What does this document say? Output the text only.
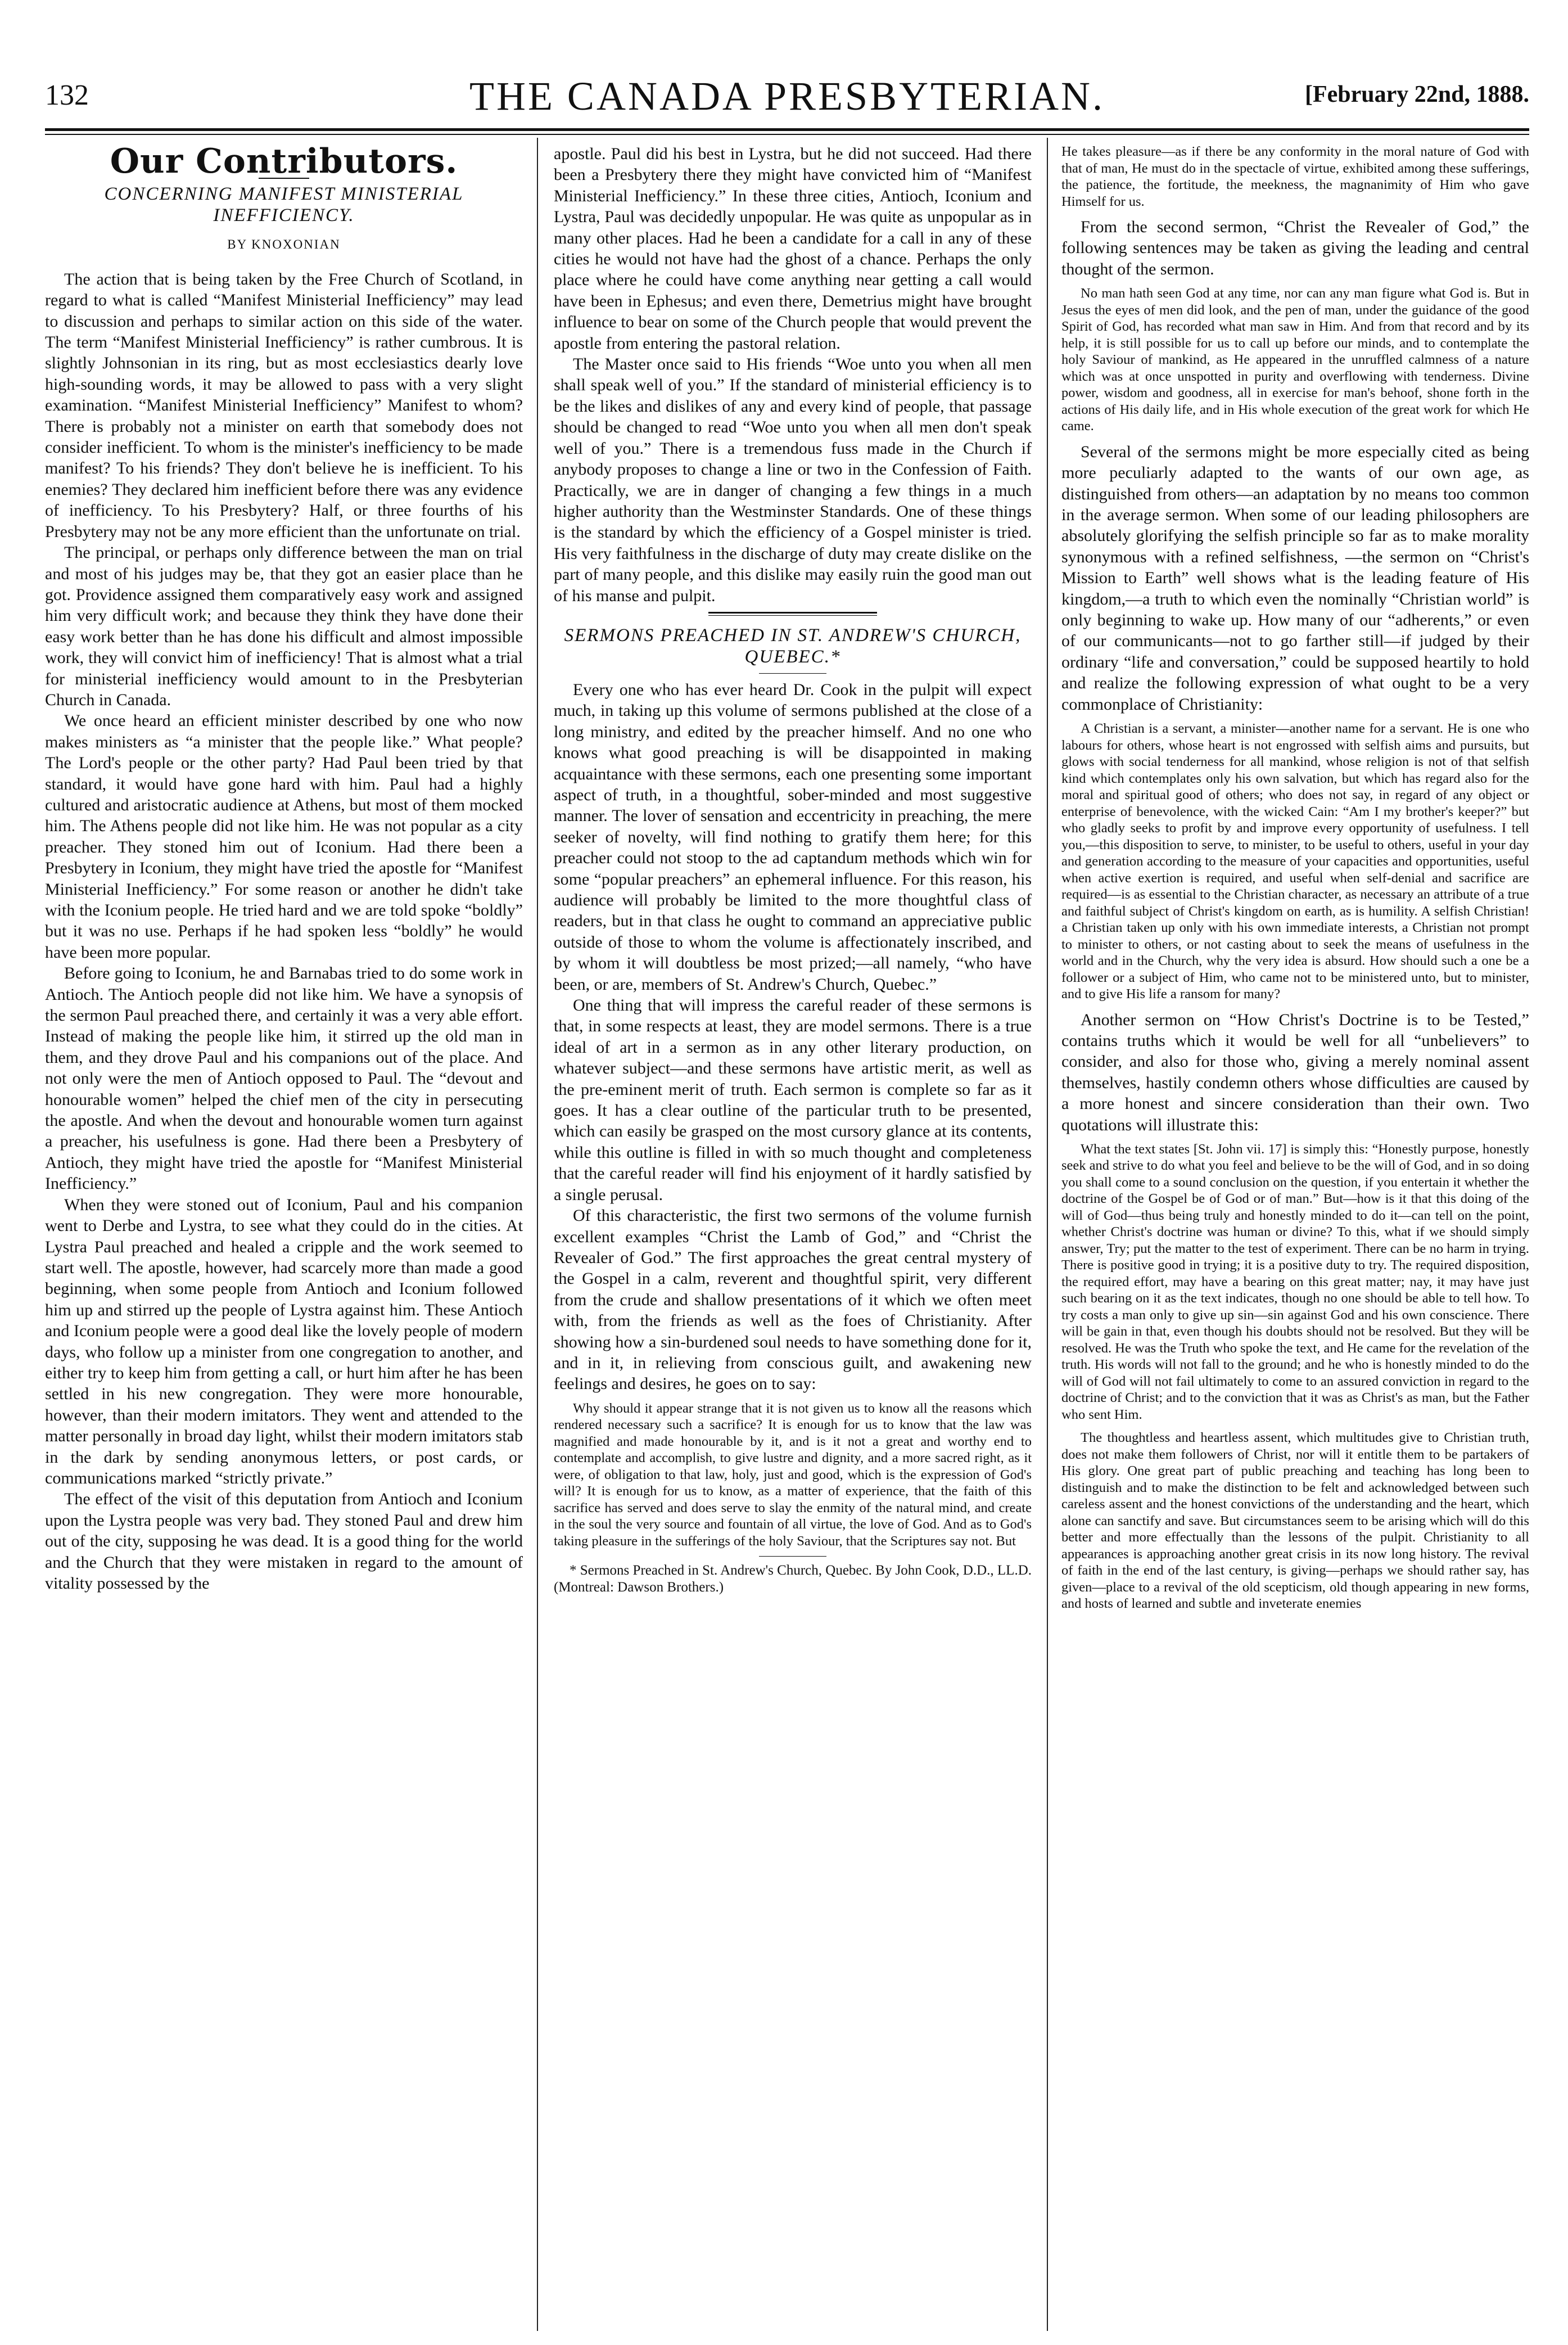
132	THE CANADA PRESBYTERIAN.	[February 22nd, 1888.
Our Contributors.
CONCERNING MANIFEST MINISTERIAL INEFFICIENCY.
BY KNOXONIAN

The action that is being taken by the Free Church of Scotland, in regard to what is called “Manifest Ministerial Inefficiency” may lead to discussion and perhaps to similar action on this side of the water. The term “Manifest Ministerial Inefficiency” is rather cumbrous. It is slightly Johnsonian in its ring, but as most ecclesiastics dearly love high-sounding words, it may be allowed to pass with a very slight examination. “Manifest Ministerial Inefficiency” Manifest to whom? There is probably not a minister on earth that somebody does not consider inefficient. To whom is the minister's inefficiency to be made manifest? To his friends? They don't believe he is inefficient. To his enemies? They declared him inefficient before there was any evidence of inefficiency. To his Presbytery? Half, or three fourths of his Presbytery may not be any more efficient than the unfortunate on trial.

The principal, or perhaps only difference between the man on trial and most of his judges may be, that they got an easier place than he got. Providence assigned them comparatively easy work and assigned him very difficult work; and because they think they have done their easy work better than he has done his difficult and almost impossible work, they will convict him of inefficiency! That is almost what a trial for ministerial inefficiency would amount to in the Presbyterian Church in Canada.

We once heard an efficient minister described by one who now makes ministers as “a minister that the people like.” What people? The Lord's people or the other party? Had Paul been tried by that standard, it would have gone hard with him. Paul had a highly cultured and aristocratic audience at Athens, but most of them mocked him. The Athens people did not like him. He was not popular as a city preacher. They stoned him out of Iconium. Had there been a Presbytery in Iconium, they might have tried the apostle for “Manifest Ministerial Inefficiency.” For some reason or another he didn't take with the Iconium people. He tried hard and we are told spoke “boldly” but it was no use. Perhaps if he had spoken less “boldly” he would have been more popular.

Before going to Iconium, he and Barnabas tried to do some work in Antioch. The Antioch people did not like him. We have a synopsis of the sermon Paul preached there, and certainly it was a very able effort. Instead of making the people like him, it stirred up the old man in them, and they drove Paul and his companions out of the place. And not only were the men of Antioch opposed to Paul. The “devout and honourable women” helped the chief men of the city in persecuting the apostle. And when the devout and honourable women turn against a preacher, his usefulness is gone. Had there been a Presbytery of Antioch, they might have tried the apostle for “Manifest Ministerial Inefficiency.”

When they were stoned out of Iconium, Paul and his companion went to Derbe and Lystra, to see what they could do in the cities. At Lystra Paul preached and healed a cripple and the work seemed to start well. The apostle, however, had scarcely more than made a good beginning, when some people from Antioch and Iconium followed him up and stirred up the people of Lystra against him. These Antioch and Iconium people were a good deal like the lovely people of modern days, who follow up a minister from one congregation to another, and either try to keep him from getting a call, or hurt him after he has been settled in his new congregation. They were more honourable, however, than their modern imitators. They went and attended to the matter personally in broad day light, whilst their modern imitators stab in the dark by sending anonymous letters, or post cards, or communications marked “strictly private.”

The effect of the visit of this deputation from Antioch and Iconium upon the Lystra people was very bad. They stoned Paul and drew him out of the city, supposing he was dead. It is a good thing for the world and the Church that they were mistaken in regard to the amount of vitality possessed by the

apostle. Paul did his best in Lystra, but he did not succeed. Had there been a Presbytery there they might have convicted him of “Manifest Ministerial Inefficiency.” In these three cities, Antioch, Iconium and Lystra, Paul was decidedly unpopular. He was quite as unpopular as in many other places. Had he been a candidate for a call in any of these cities he would not have had the ghost of a chance. Perhaps the only place where he could have come anything near getting a call would have been in Ephesus; and even there, Demetrius might have brought influence to bear on some of the Church people that would prevent the apostle from entering the pastoral relation.

The Master once said to His friends “Woe unto you when all men shall speak well of you.” If the standard of ministerial efficiency is to be the likes and dislikes of any and every kind of people, that passage should be changed to read “Woe unto you when all men don't speak well of you.” There is a tremendous fuss made in the Church if anybody proposes to change a line or two in the Confession of Faith. Practically, we are in danger of changing a few things in a much higher authority than the Westminster Standards. One of these things is the standard by which the efficiency of a Gospel minister is tried. His very faithfulness in the discharge of duty may create dislike on the part of many people, and this dislike may easily ruin the good man out of his manse and pulpit.

SERMONS PREACHED IN ST. ANDREW'S CHURCH, QUEBEC.*

Every one who has ever heard Dr. Cook in the pulpit will expect much, in taking up this volume of sermons published at the close of a long ministry, and edited by the preacher himself. And no one who knows what good preaching is will be disappointed in making acquaintance with these sermons, each one presenting some important aspect of truth, in a thoughtful, sober-minded and most suggestive manner. The lover of sensation and eccentricity in preaching, the mere seeker of novelty, will find nothing to gratify them here; for this preacher could not stoop to the ad captandum methods which win for some “popular preachers” an ephemeral influence. For this reason, his audience will probably be limited to the more thoughtful class of readers, but in that class he ought to command an appreciative public outside of those to whom the volume is affectionately inscribed, and by whom it will doubtless be most prized;—all namely, “who have been, or are, members of St. Andrew's Church, Quebec.”

One thing that will impress the careful reader of these sermons is that, in some respects at least, they are model sermons. There is a true ideal of art in a sermon as in any other literary production, on whatever subject—and these sermons have artistic merit, as well as the pre-eminent merit of truth. Each sermon is complete so far as it goes. It has a clear outline of the particular truth to be presented, which can easily be grasped on the most cursory glance at its contents, while this outline is filled in with so much thought and completeness that the careful reader will find his enjoyment of it hardly satisfied by a single perusal.

Of this characteristic, the first two sermons of the volume furnish excellent examples “Christ the Lamb of God,” and “Christ the Revealer of God.” The first approaches the great central mystery of the Gospel in a calm, reverent and thoughtful spirit, very different from the crude and shallow presentations of it which we often meet with, from the friends as well as the foes of Christianity. After showing how a sin-burdened soul needs to have something done for it, and in it, in relieving from conscious guilt, and awakening new feelings and desires, he goes on to say:

Why should it appear strange that it is not given us to know all the reasons which rendered necessary such a sacrifice? It is enough for us to know that the law was magnified and made honourable by it, and is it not a great and worthy end to contemplate and accomplish, to give lustre and dignity, and a more sacred right, as it were, of obligation to that law, holy, just and good, which is the expression of God's will? It is enough for us to know, as a matter of experience, that the faith of this sacrifice has served and does serve to slay the enmity of the natural mind, and create in the soul the very source and fountain of all virtue, the love of God. And as to God's taking pleasure in the sufferings of the holy Saviour, that the Scriptures say not. But

* Sermons Preached in St. Andrew's Church, Quebec. By John Cook, D.D., LL.D. (Montreal: Dawson Brothers.)

He takes pleasure—as if there be any conformity in the moral nature of God with that of man, He must do in the spectacle of virtue, exhibited among these sufferings, the patience, the fortitude, the meekness, the magnanimity of Him who gave Himself for us.

From the second sermon, “Christ the Revealer of God,” the following sentences may be taken as giving the leading and central thought of the sermon.

No man hath seen God at any time, nor can any man figure what God is. But in Jesus the eyes of men did look, and the pen of man, under the guidance of the good Spirit of God, has recorded what man saw in Him. And from that record and by its help, it is still possible for us to call up before our minds, and to contemplate the holy Saviour of mankind, as He appeared in the unruffled calmness of a nature which was at once unspotted in purity and overflowing with tenderness. Divine power, wisdom and goodness, all in exercise for man's behoof, shone forth in the actions of His daily life, and in His whole execution of the great work for which He came.

Several of the sermons might be more especially cited as being more peculiarly adapted to the wants of our own age, as distinguished from others—an adaptation by no means too common in the average sermon. When some of our leading philosophers are absolutely glorifying the selfish principle so far as to make morality synonymous with a refined selfishness, —the sermon on “Christ's Mission to Earth” well shows what is the leading feature of His kingdom,—a truth to which even the nominally “Christian world” is only beginning to wake up. How many of our “adherents,” or even of our communicants—not to go farther still—if judged by their ordinary “life and conversation,” could be supposed heartily to hold and realize the following expression of what ought to be a very commonplace of Christianity:

A Christian is a servant, a minister—another name for a servant. He is one who labours for others, whose heart is not engrossed with selfish aims and pursuits, but glows with social tenderness for all mankind, whose religion is not of that selfish kind which contemplates only his own salvation, but which has regard also for the moral and spiritual good of others; who does not say, in regard of any object or enterprise of benevolence, with the wicked Cain: “Am I my brother's keeper?” but who gladly seeks to profit by and improve every opportunity of usefulness. I tell you,—this disposition to serve, to minister, to be useful to others, useful in your day and generation according to the measure of your capacities and opportunities, useful when active exertion is required, and useful when self-denial and sacrifice are required—is as essential to the Christian character, as necessary an attribute of a true and faithful subject of Christ's kingdom on earth, as is humility. A selfish Christian! a Christian taken up only with his own immediate interests, a Christian not prompt to minister to others, or not casting about to seek the means of usefulness in the world and in the Church, why the very idea is absurd. How should such a one be a follower or a subject of Him, who came not to be ministered unto, but to minister, and to give His life a ransom for many?

Another sermon on “How Christ's Doctrine is to be Tested,” contains truths which it would be well for all “unbelievers” to consider, and also for those who, giving a merely nominal assent themselves, hastily condemn others whose difficulties are caused by a more honest and sincere consideration than their own. Two quotations will illustrate this:

What the text states [St. John vii. 17] is simply this: “Honestly purpose, honestly seek and strive to do what you feel and believe to be the will of God, and in so doing you shall come to a sound conclusion on the question, if you entertain it whether the doctrine of the Gospel be of God or of man.” But—how is it that this doing of the will of God—thus being truly and honestly minded to do it—can tell on the point, whether Christ's doctrine was human or divine? To this, what if we should simply answer, Try; put the matter to the test of experiment. There can be no harm in trying. There is positive good in trying; it is a positive duty to try. The required disposition, the required effort, may have a bearing on this great matter; nay, it may have just such bearing on it as the text indicates, though no one should be able to tell how. To try costs a man only to give up sin—sin against God and his own conscience. There will be gain in that, even though his doubts should not be resolved. But they will be resolved. He was the Truth who spoke the text, and He came for the revelation of the truth. His words will not fall to the ground; and he who is honestly minded to do the will of God will not fail ultimately to come to an assured conviction in regard to the doctrine of Christ; and to the conviction that it was as Christ's as man, but the Father who sent Him.

The thoughtless and heartless assent, which multitudes give to Christian truth, does not make them followers of Christ, nor will it entitle them to be partakers of His glory. One great part of public preaching and teaching has long been to distinguish and to make the distinction to be felt and acknowledged between such careless assent and the honest convictions of the understanding and the heart, which alone can sanctify and save. But circumstances seem to be arising which will do this better and more effectually than the lessons of the pulpit. Christianity to all appearances is approaching another great crisis in its now long history. The revival of faith in the end of the last century, is giving—perhaps we should rather say, has given—place to a revival of the old scepticism, old though appearing in new forms, and hosts of learned and subtle and inveterate enemies
